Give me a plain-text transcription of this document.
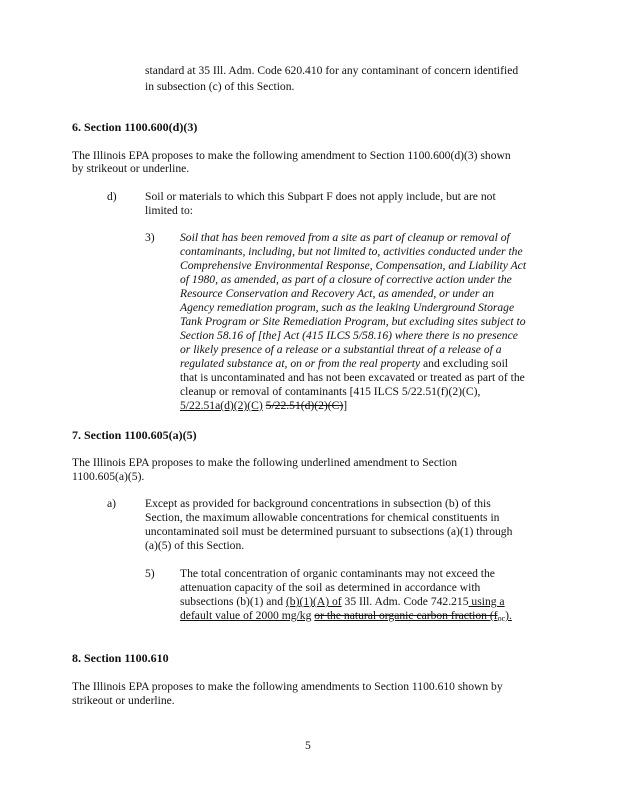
standard at 35 Ill. Adm. Code 620.410 for any contaminant of concern identified
in subsection (c) of this Section.
6. Section 1100.600(d)(3)
The Illinois EPA proposes to make the following amendment to Section 1100.600(d)(3) shown
by strikeout or underline.
d) Soil or materials to which this Subpart F does not apply include, but are not
limited to:
3) Soil that has been removed from a site as part of cleanup or removal of
contaminants, including, but not limited to, activities conducted under the
Comprehensive Environmental Response, Compensation, and Liability Act
of 1980, as amended, as part of a closure of corrective action under the
Resource Conservation and Recovery Act, as amended, or under an
Agency remediation program, such as the leaking Underground Storage
Tank Program or Site Remediation Program, but excluding sites subject to
Section 58.16 of [the] Act (415 ILCS 5/58.16) where there is no presence
or likely presence of a release or a substantial threat of a release of a
regulated substance at, on or from the real property and excluding soil
that is uncontaminated and has not been excavated or treated as part of the
cleanup or removal of contaminants [415 ILCS 5/22.51(f)(2)(C),
5/22.51a(d)(2)(C) 5/22.51(d)(2)(C)]
7. Section 1100.605(a)(5)
The Illinois EPA proposes to make the following underlined amendment to Section
1100.605(a)(5).
a) Except as provided for background concentrations in subsection (b) of this
Section, the maximum allowable concentrations for chemical constituents in
uncontaminated soil must be determined pursuant to subsections (a)(1) through
(a)(5) of this Section.
5) The total concentration of organic contaminants may not exceed the
attenuation capacity of the soil as determined in accordance with
subsections (b)(1) and (b)(1)(A) of 35 Ill. Adm. Code 742.215 using a
default value of 2000 mg/kg or the natural organic carbon fraction $(f_{oc})$.
8. Section 1100.610
The Illinois EPA proposes to make the following amendments to Section 1100.610 shown by
strikeout or underline.
5
